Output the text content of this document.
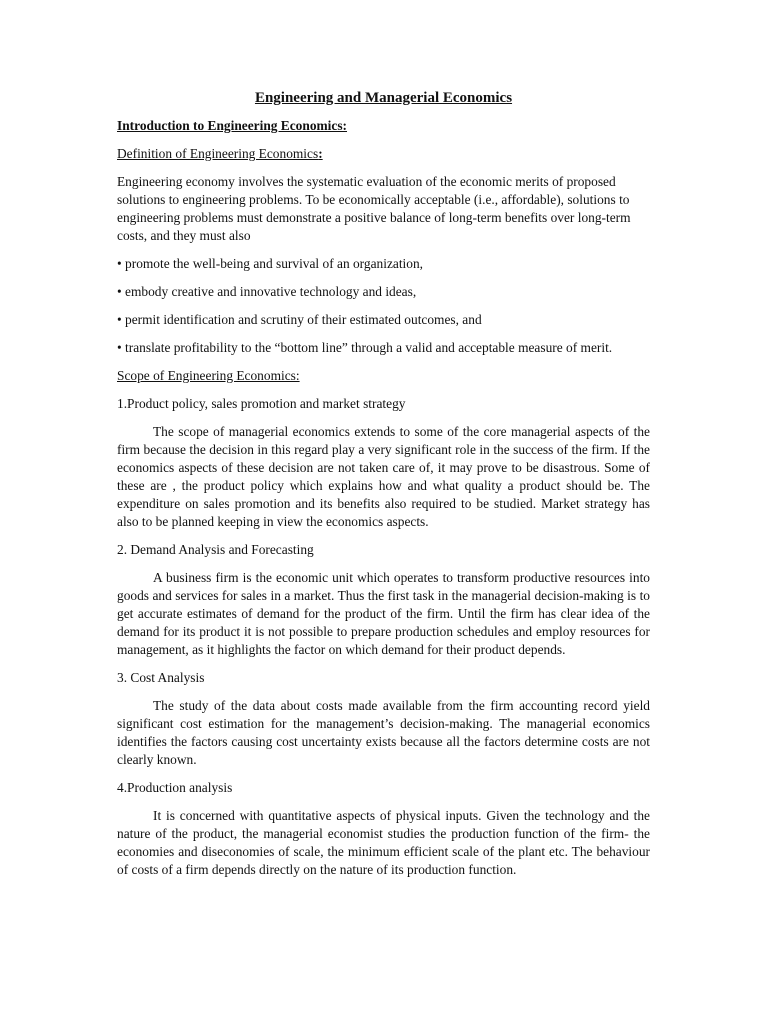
Engineering and Managerial Economics
Introduction to Engineering Economics:
Definition of Engineering Economics:
Engineering economy involves the systematic evaluation of the economic merits of proposed solutions to engineering problems. To be economically acceptable (i.e., affordable), solutions to engineering problems must demonstrate a positive balance of long-term benefits over long-term costs, and they must also
• promote the well-being and survival of an organization,
• embody creative and innovative technology and ideas,
• permit identification and scrutiny of their estimated outcomes, and
• translate profitability to the “bottom line” through a valid and acceptable measure of merit.
Scope of Engineering Economics:
1.Product policy, sales promotion and market strategy
The scope of managerial economics extends to some of the core managerial aspects of the firm because the decision in this regard play a very significant role in the success of the firm. If the economics aspects of these decision are not taken care of, it may prove to be disastrous. Some of these are , the product policy which explains how and what quality a product should be. The expenditure on sales promotion and its benefits also required to be studied. Market strategy has also to be planned keeping in view the economics aspects.
2. Demand Analysis and Forecasting
A business firm is the economic unit which operates to transform productive resources into goods and services for sales in a market. Thus the first task in the managerial decision-making is to get accurate estimates of demand for the product of the firm. Until the firm has clear idea of the demand for its product it is not possible to prepare production schedules and employ resources for management, as it highlights the factor on which demand for their product depends.
3. Cost Analysis
The study of the data about costs made available from the firm accounting record yield significant cost estimation for the management’s decision-making. The managerial economics identifies the factors causing cost uncertainty exists because all the factors determine costs are not clearly known.
4.Production analysis
It is concerned with quantitative aspects of physical inputs. Given the technology and the nature of the product, the managerial economist studies the production function of the firm- the economies and diseconomies of scale, the minimum efficient scale of the plant etc. The behaviour of costs of a firm depends directly on the nature of its production function.
